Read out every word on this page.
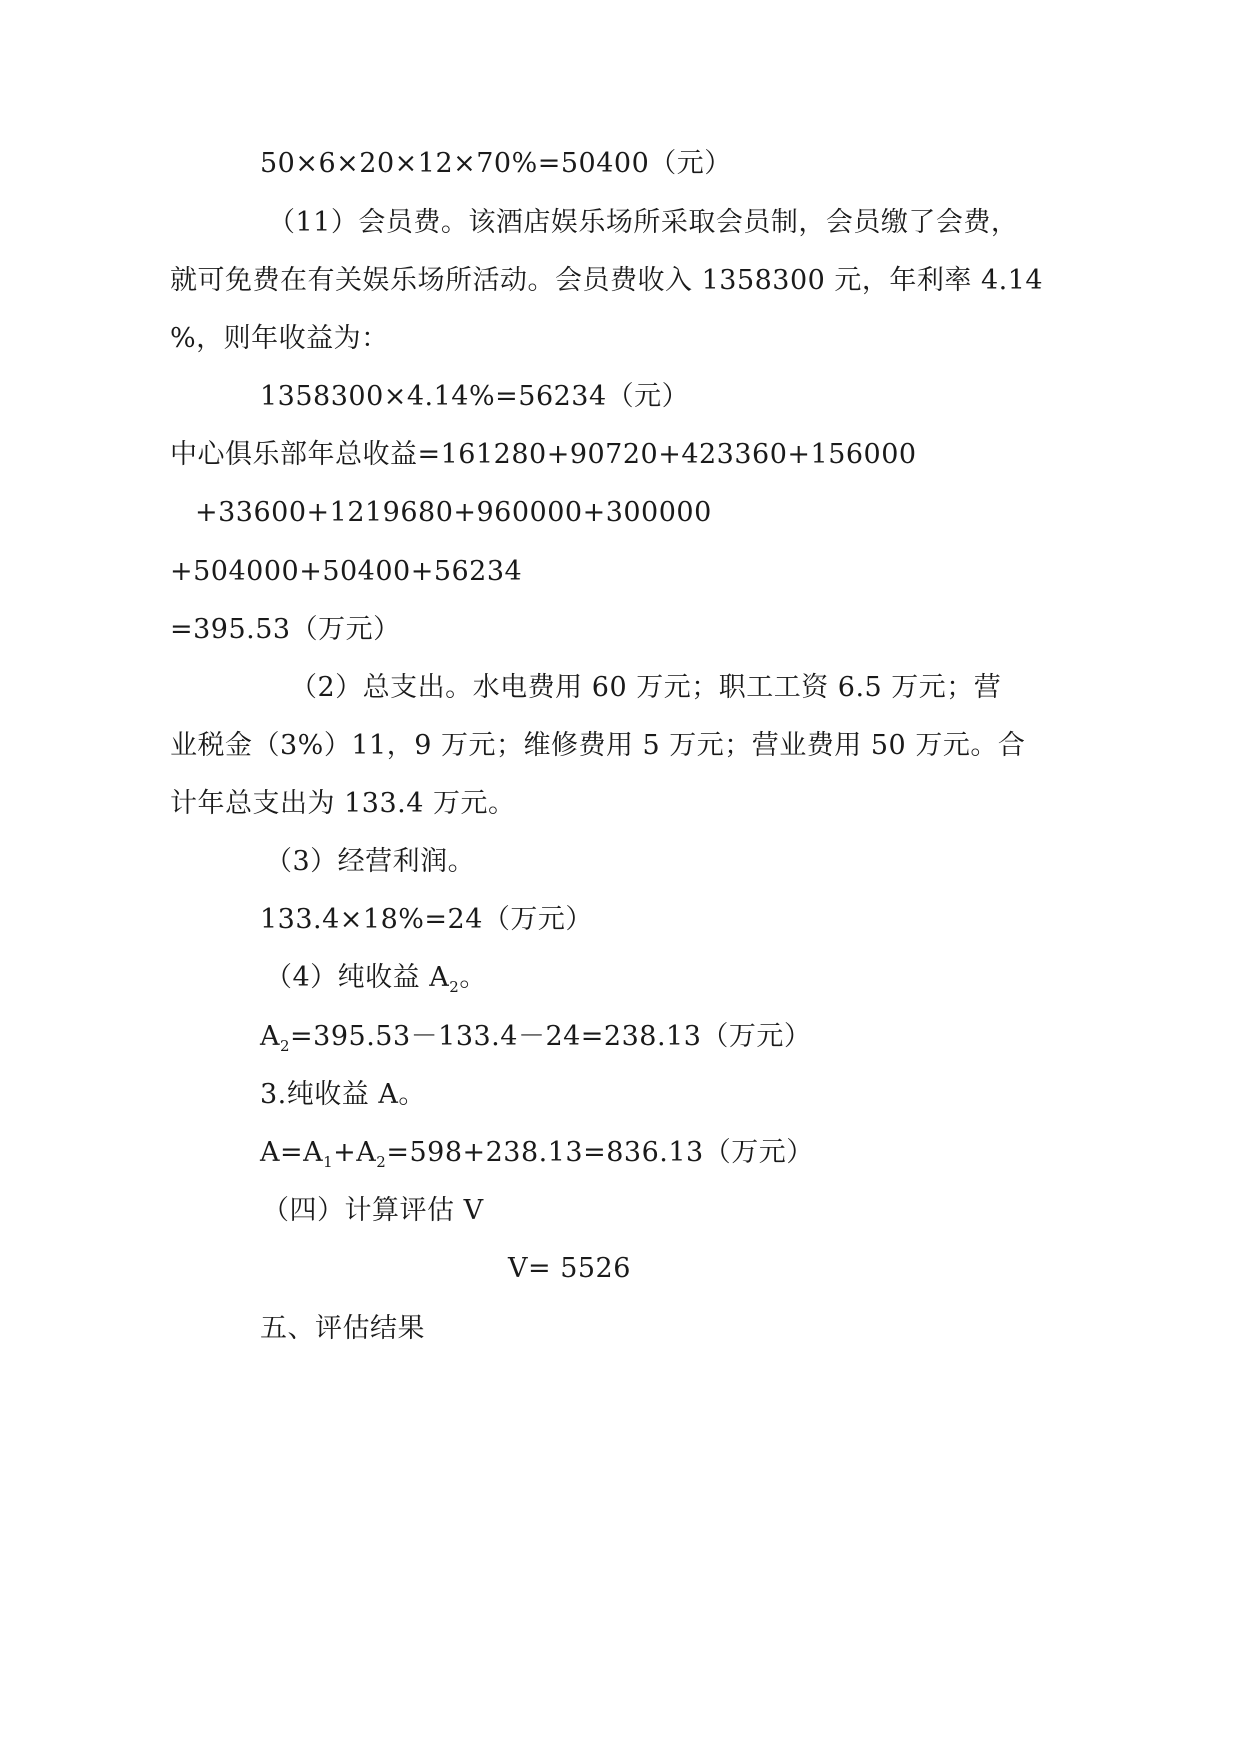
50×6×20×12×70%=50400（元）
（11）会员费。该酒店娱乐场所采取会员制，会员缴了会费，
就可免费在有关娱乐场所活动。会员费收入 1358300 元，年利率 4.14
%，则年收益为：
1358300×4.14%=56234（元）
中心俱乐部年总收益=161280+90720+423360+156000
+33600+1219680+960000+300000
+504000+50400+56234
=395.53（万元）
（2）总支出。水电费用 60 万元；职工工资 6.5 万元；营
业税金（3%）11，9 万元；维修费用 5 万元；营业费用 50 万元。合
计年总支出为 133.4 万元。
（3）经营利润。
133.4×18%=24（万元）
（4）纯收益 $A_2$。
$A_2=395.53-133.4-24=238.13$（万元）
3.纯收益 A。
$A=A_1+A_2=598+238.13=836.13$（万元）
（四）计算评估 V
V= 5526
五、评估结果
